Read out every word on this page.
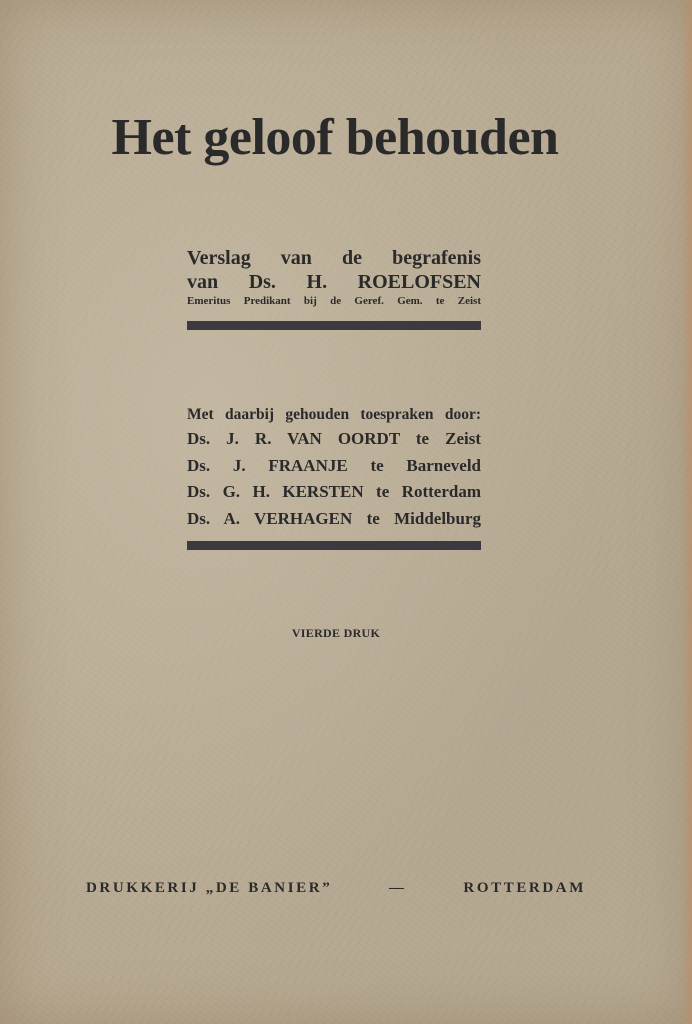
Het geloof behouden
Verslag van de begrafenis
van Ds. H. ROELOFSEN
Emeritus Predikant bij de Geref. Gem. te Zeist
Met daarbij gehouden toespraken door:
Ds. J. R. VAN OORDT te Zeist
Ds. J. FRAANJE te Barneveld
Ds. G. H. KERSTEN te Rotterdam
Ds. A. VERHAGEN te Middelburg
VIERDE DRUK
DRUKKERIJ „DE BANIER”	—	ROTTERDAM
